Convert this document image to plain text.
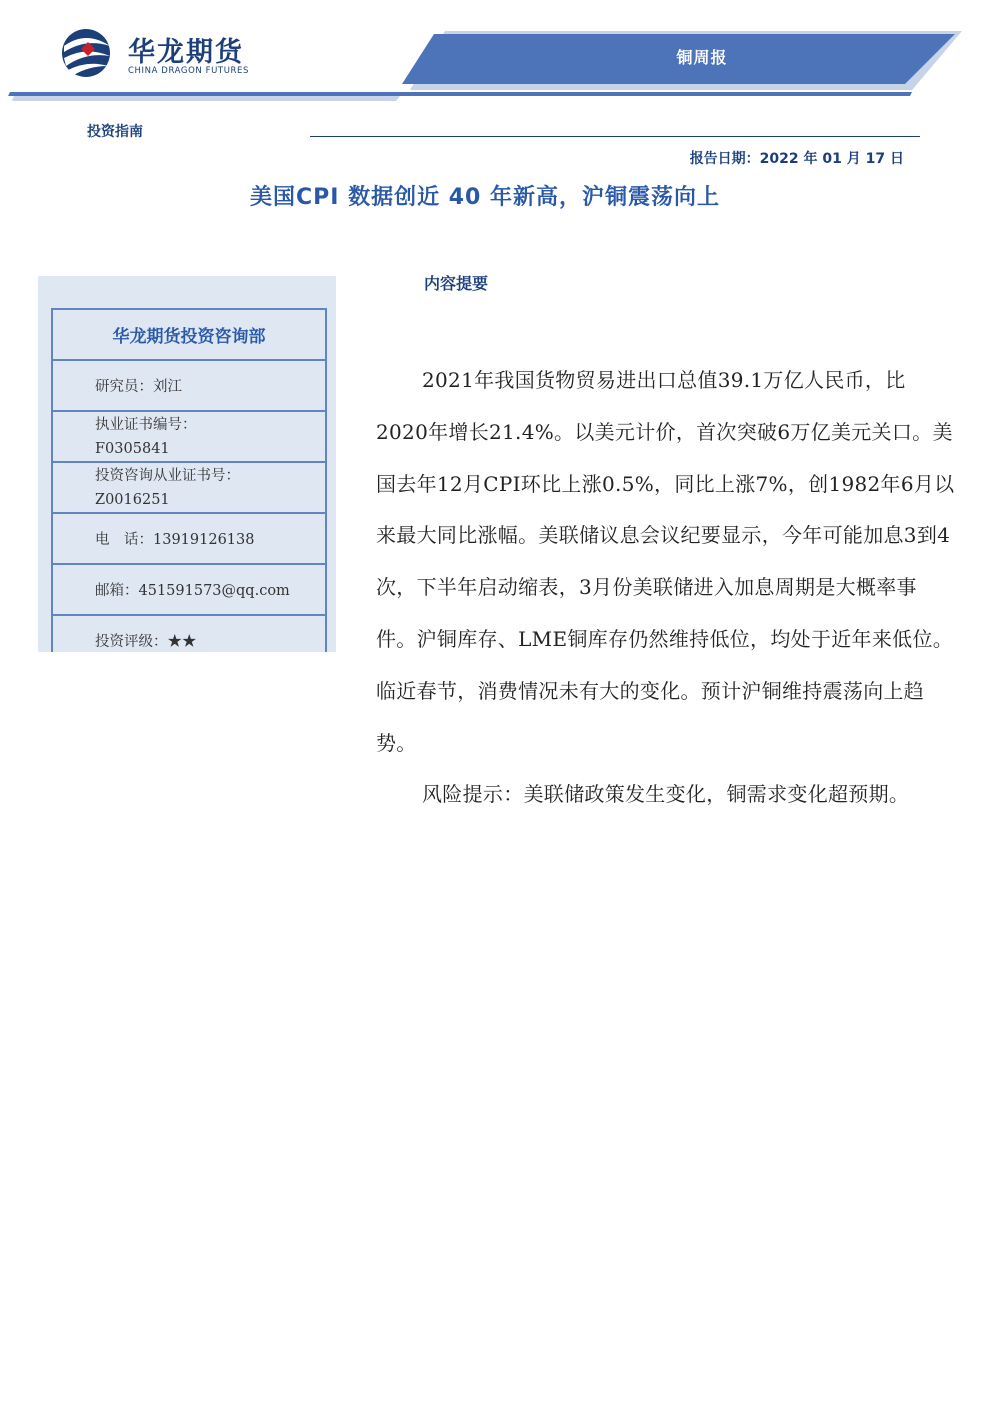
华龙期货
CHINA DRAGON FUTURES
铜周报
投资指南
报告日期：2022 年 01 月 17 日
美国CPI 数据创近 40 年新高，沪铜震荡向上
华龙期货投资咨询部
研究员：刘江
执业证书编号：
F0305841
投资咨询从业证书号：
Z0016251
电　话：13919126138
邮箱：451591573@qq.com
投资评级：★★
内容提要

2021年我国货物贸易进出口总值39.1万亿人民币，比2020年增长21.4%。以美元计价，首次突破6万亿美元关口。美国去年12月CPI环比上涨0.5%，同比上涨7%，创1982年6月以来最大同比涨幅。美联储议息会议纪要显示，今年可能加息3到4次，下半年启动缩表，3月份美联储进入加息周期是大概率事件。沪铜库存、LME铜库存仍然维持低位，均处于近年来低位。临近春节，消费情况未有大的变化。预计沪铜维持震荡向上趋势。

风险提示：美联储政策发生变化，铜需求变化超预期。
